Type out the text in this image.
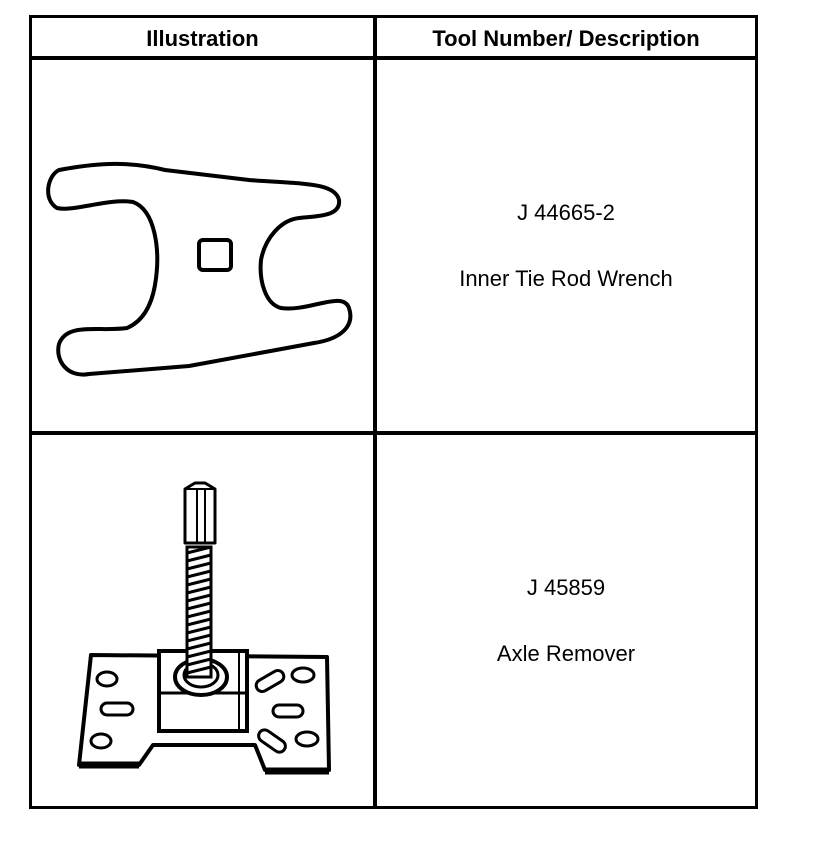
Illustration	Tool Number/ Description
J 44665-2
Inner Tie Rod Wrench
J 45859
Axle Remover
